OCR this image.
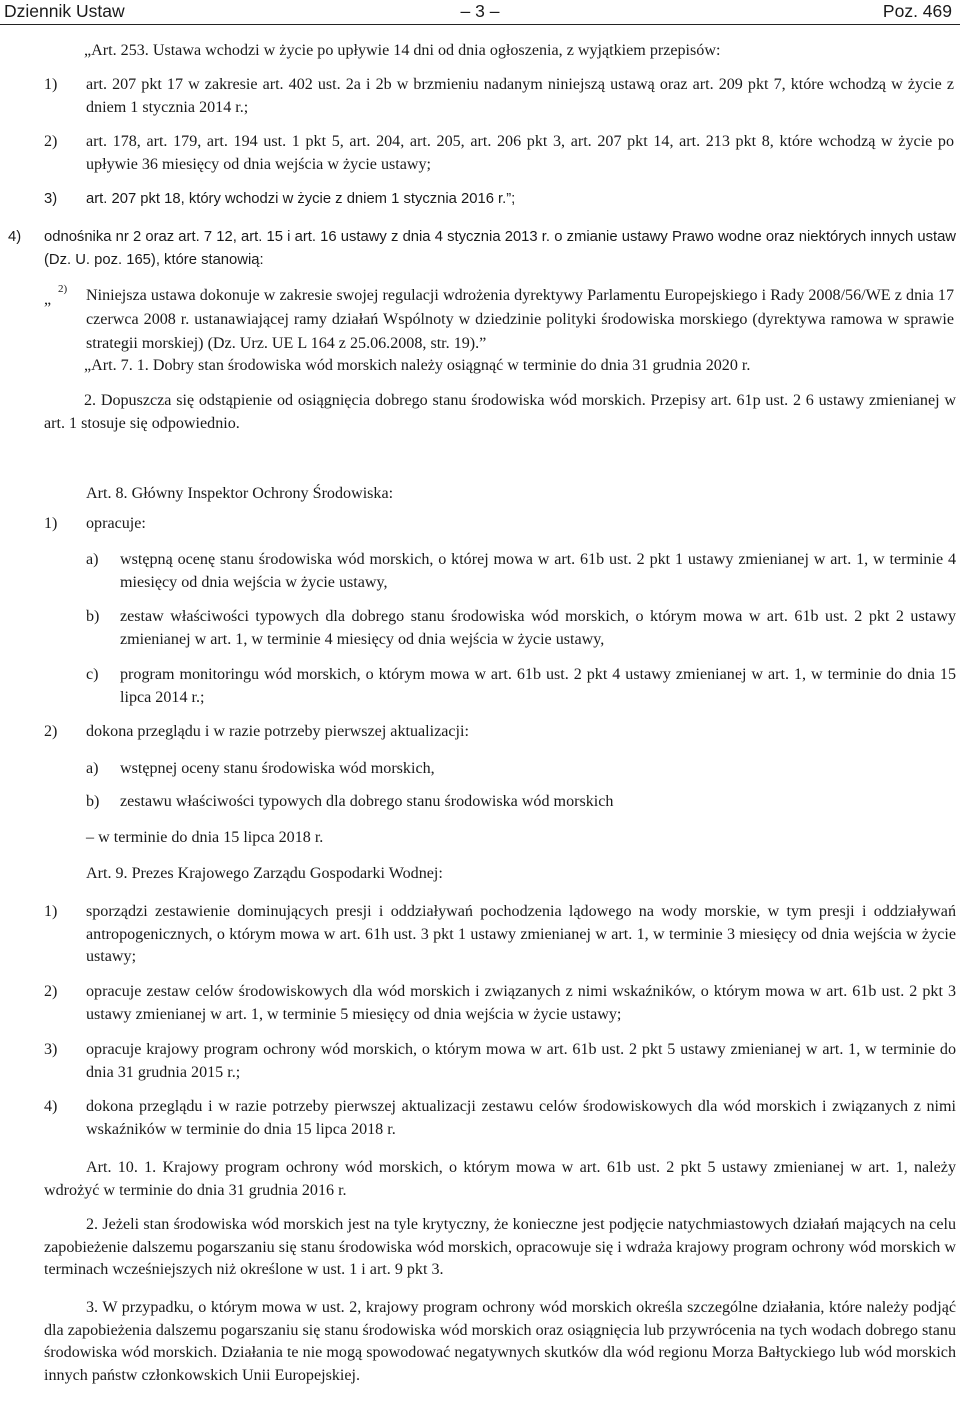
Dziennik Ustaw	– 3 –	Poz. 469

„Art. 253. Ustawa wchodzi w życie po upływie 14 dni od dnia ogłoszenia, z wyjątkiem przepisów:

1) art. 207 pkt 17 w zakresie art. 402 ust. 2a i 2b w brzmieniu nadanym niniejszą ustawą oraz art. 209 pkt 7, które wchodzą w życie z dniem 1 stycznia 2014 r.;

2) art. 178, art. 179, art. 194 ust. 1 pkt 5, art. 204, art. 205, art. 206 pkt 3, art. 207 pkt 14, art. 213 pkt 8, które wchodzą w życie po upływie 36 miesięcy od dnia wejścia w życie ustawy;

3) art. 207 pkt 18, który wchodzi w życie z dniem 1 stycznia 2016 r.”;

4) odnośnika nr 2 oraz art. 7 12, art. 15 i art. 16 ustawy z dnia 4 stycznia 2013 r. o zmianie ustawy Prawo wodne oraz niektórych innych ustaw (Dz. U. poz. 165), które stanowią:

„
2) Niniejsza ustawa dokonuje w zakresie swojej regulacji wdrożenia dyrektywy Parlamentu Europejskiego i Rady 2008/56/WE z dnia 17 czerwca 2008 r. ustanawiającej ramy działań Wspólnoty w dziedzinie polityki środowiska morskiego (dyrektywa ramowa w sprawie strategii morskiej) (Dz. Urz. UE L 164 z 25.06.2008, str. 19).”

„Art. 7. 1. Dobry stan środowiska wód morskich należy osiągnąć w terminie do dnia 31 grudnia 2020 r.

2. Dopuszcza się odstąpienie od osiągnięcia dobrego stanu środowiska wód morskich. Przepisy art. 61p ust. 2 6 ustawy zmienianej w art. 1 stosuje się odpowiednio.

Art. 8. Główny Inspektor Ochrony Środowiska:

1) opracuje:

a) wstępną ocenę stanu środowiska wód morskich, o której mowa w art. 61b ust. 2 pkt 1 ustawy zmienianej w art. 1, w terminie 4 miesięcy od dnia wejścia w życie ustawy,

b) zestaw właściwości typowych dla dobrego stanu środowiska wód morskich, o którym mowa w art. 61b ust. 2 pkt 2 ustawy zmienianej w art. 1, w terminie 4 miesięcy od dnia wejścia w życie ustawy,

c) program monitoringu wód morskich, o którym mowa w art. 61b ust. 2 pkt 4 ustawy zmienianej w art. 1, w terminie do dnia 15 lipca 2014 r.;

2) dokona przeglądu i w razie potrzeby pierwszej aktualizacji:

a) wstępnej oceny stanu środowiska wód morskich,

b) zestawu właściwości typowych dla dobrego stanu środowiska wód morskich

– w terminie do dnia 15 lipca 2018 r.

Art. 9. Prezes Krajowego Zarządu Gospodarki Wodnej:

1) sporządzi zestawienie dominujących presji i oddziaływań pochodzenia lądowego na wody morskie, w tym presji i oddziaływań antropogenicznych, o którym mowa w art. 61h ust. 3 pkt 1 ustawy zmienianej w art. 1, w terminie 3 miesięcy od dnia wejścia w życie ustawy;

2) opracuje zestaw celów środowiskowych dla wód morskich i związanych z nimi wskaźników, o którym mowa w art. 61b ust. 2 pkt 3 ustawy zmienianej w art. 1, w terminie 5 miesięcy od dnia wejścia w życie ustawy;

3) opracuje krajowy program ochrony wód morskich, o którym mowa w art. 61b ust. 2 pkt 5 ustawy zmienianej w art. 1, w terminie do dnia 31 grudnia 2015 r.;

4) dokona przeglądu i w razie potrzeby pierwszej aktualizacji zestawu celów środowiskowych dla wód morskich i związanych z nimi wskaźników w terminie do dnia 15 lipca 2018 r.

Art. 10. 1. Krajowy program ochrony wód morskich, o którym mowa w art. 61b ust. 2 pkt 5 ustawy zmienianej w art. 1, należy wdrożyć w terminie do dnia 31 grudnia 2016 r.

2. Jeżeli stan środowiska wód morskich jest na tyle krytyczny, że konieczne jest podjęcie natychmiastowych działań mających na celu zapobieżenie dalszemu pogarszaniu się stanu środowiska wód morskich, opracowuje się i wdraża krajowy program ochrony wód morskich w terminach wcześniejszych niż określone w ust. 1 i art. 9 pkt 3.

3. W przypadku, o którym mowa w ust. 2, krajowy program ochrony wód morskich określa szczególne działania, które należy podjąć dla zapobieżenia dalszemu pogarszaniu się stanu środowiska wód morskich oraz osiągnięcia lub przywrócenia na tych wodach dobrego stanu środowiska wód morskich. Działania te nie mogą spowodować negatywnych skutków dla wód regionu Morza Bałtyckiego lub wód morskich innych państw członkowskich Unii Europejskiej.
